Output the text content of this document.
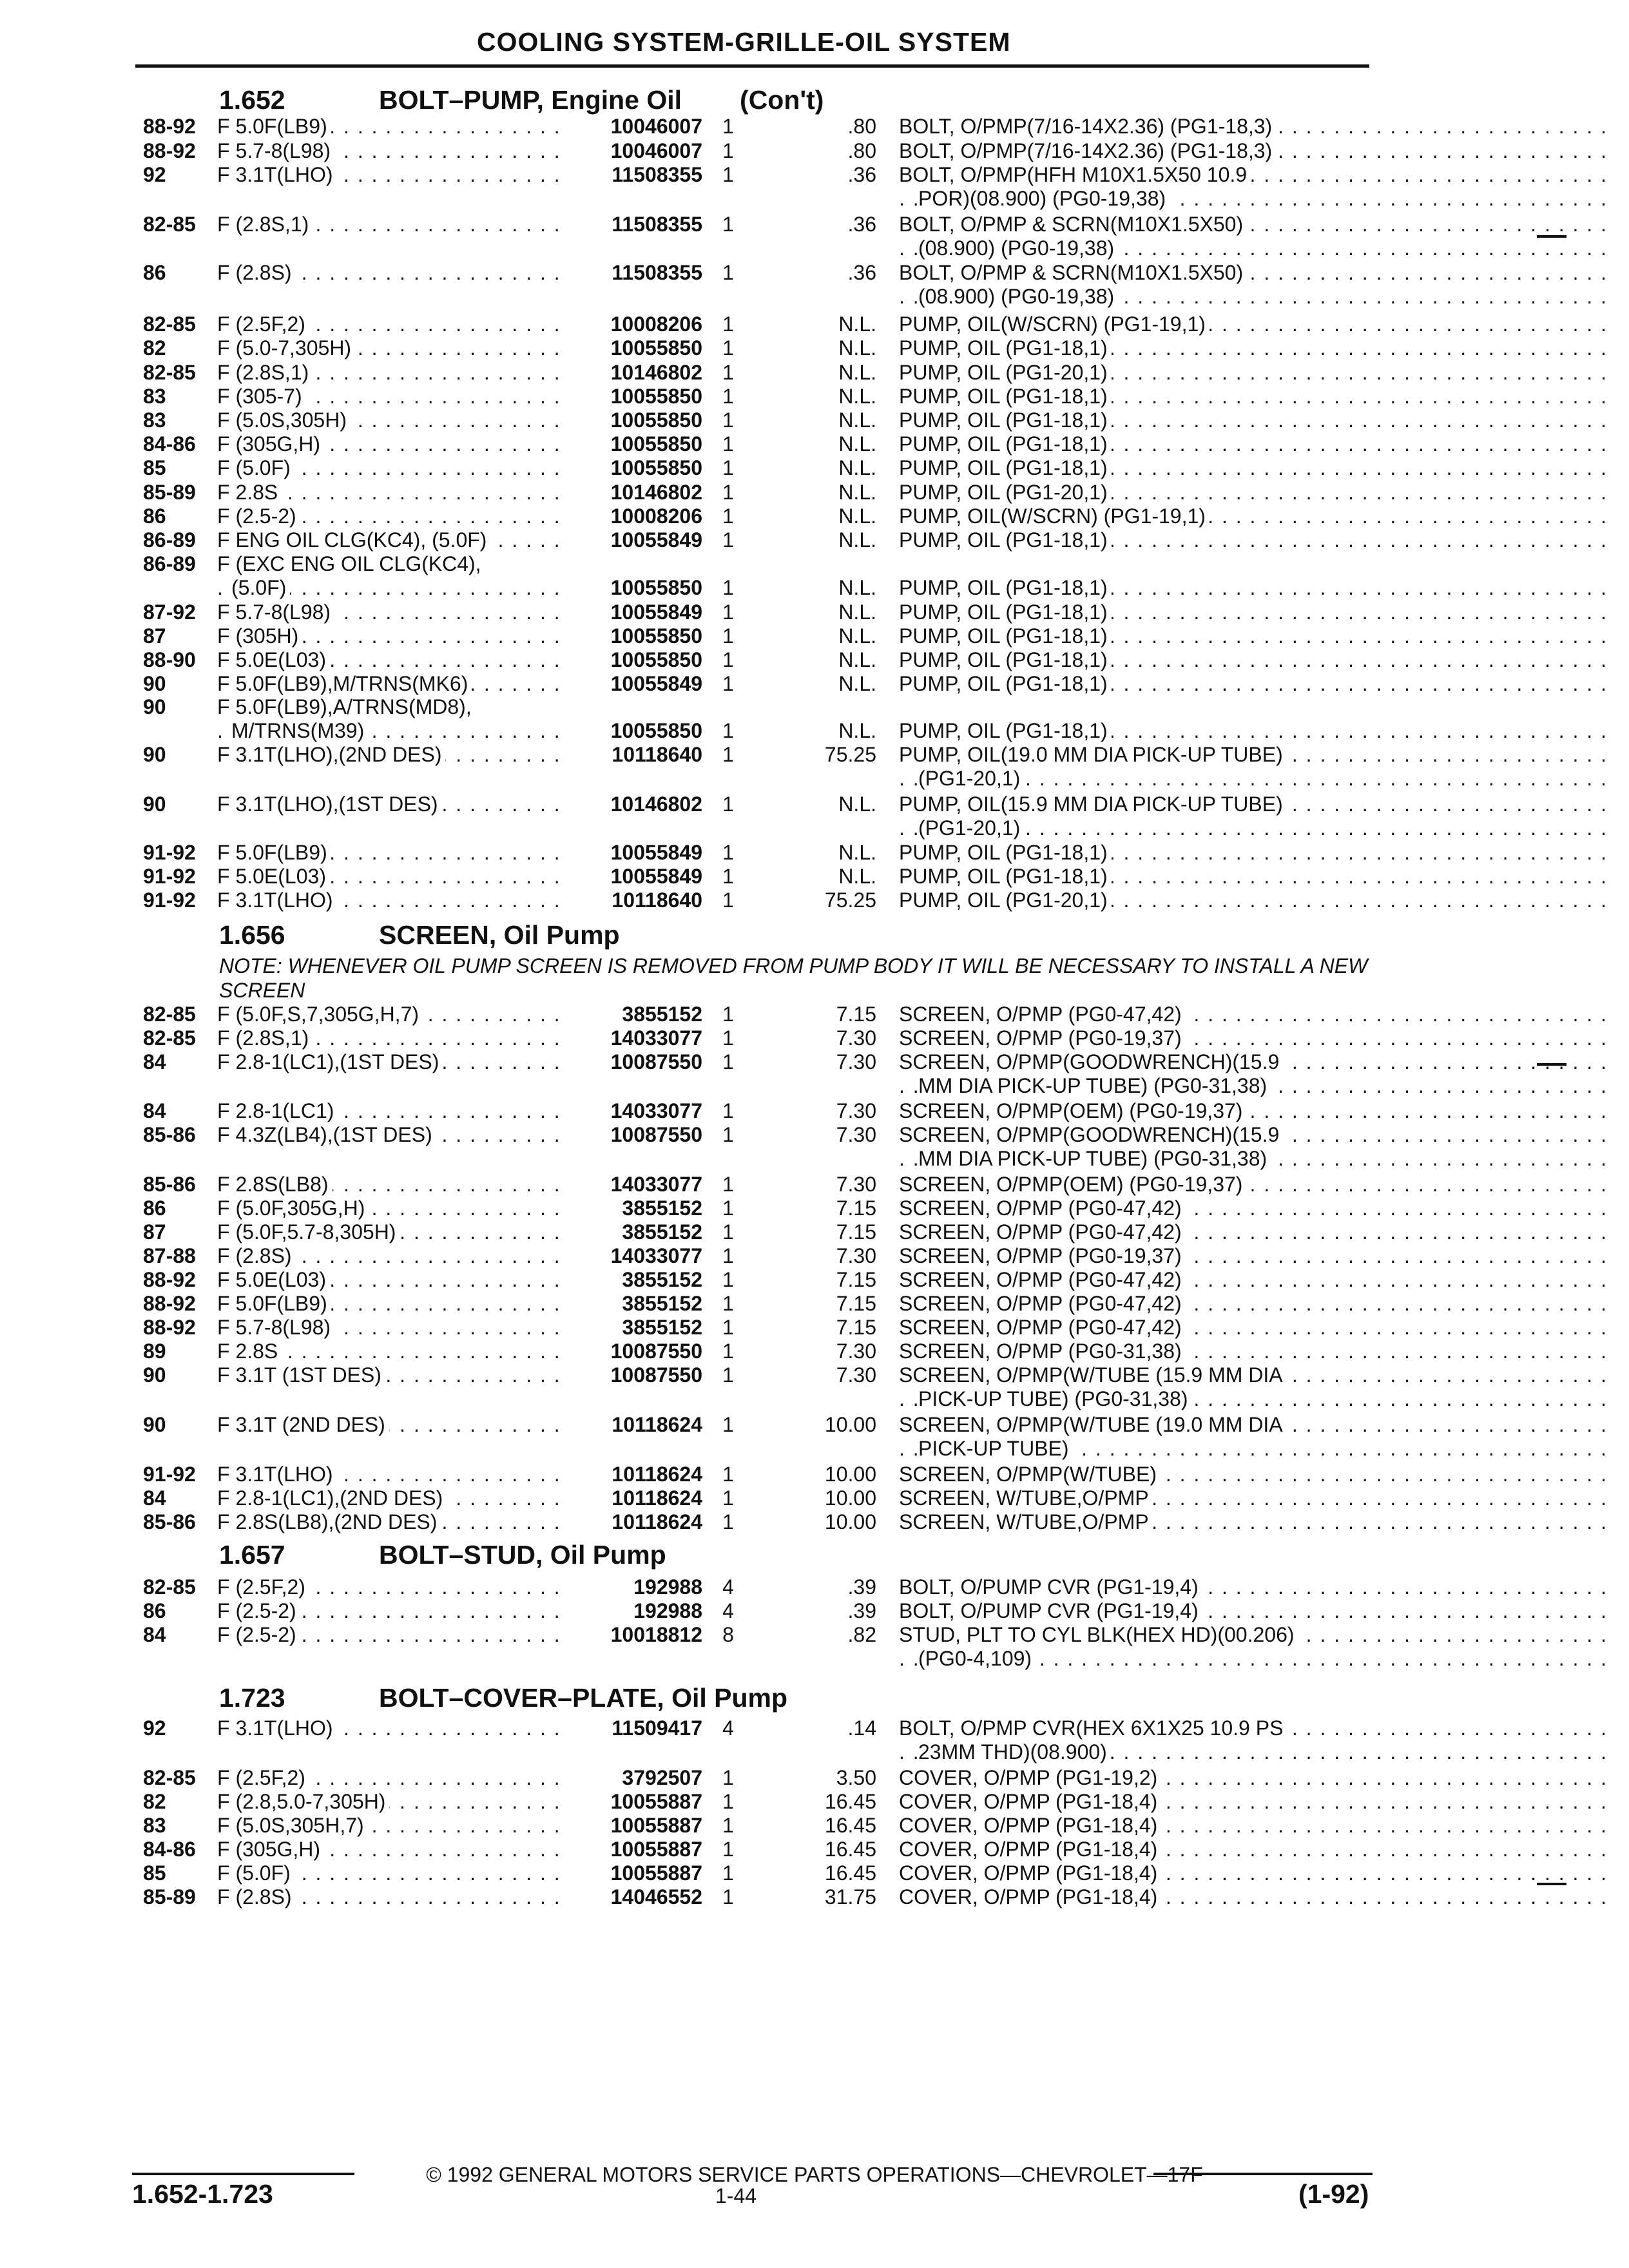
COOLING SYSTEM-GRILLE-OIL SYSTEM
1.652	BOLT–PUMP, Engine Oil (Con't)
1.656	SCREEN, Oil Pump
NOTE: WHENEVER OIL PUMP SCREEN IS REMOVED FROM PUMP BODY IT WILL BE NECESSARY TO INSTALL A NEW SCREEN
1.657	BOLT–STUD, Oil Pump
1.723	BOLT–COVER–PLATE, Oil Pump
88-92 F 5.0F(LB9) . . .	10046007 1	.80 BOLT, O/PMP(7/16-14X2.36) (PG1-18,3) . . .
88-92 F 5.7-8(L98) . . .	10046007 1	.80 BOLT, O/PMP(7/16-14X2.36) (PG1-18,3) . . .
92 F 3.1T(LHO) . . .	11508355 1	.36 BOLT, O/PMP(HFH M10X1.5X50 10.9 . . .
POR)(08.900) (PG0-19,38) . . .
82-85 F (2.8S,1) . . .	11508355 1	.36 BOLT, O/PMP & SCRN(M10X1.5X50) . . .
(08.900) (PG0-19,38) . . .
86 F (2.8S) . . .	11508355 1	.36 BOLT, O/PMP & SCRN(M10X1.5X50) . . .
(08.900) (PG0-19,38) . . .
82-85 F (2.5F,2) . . .	10008206 1	N.L. PUMP, OIL(W/SCRN) (PG1-19,1) . . .
82 F (5.0-7,305H) . . .	10055850 1	N.L. PUMP, OIL (PG1-18,1) . . .
82-85 F (2.8S,1) . . .	10146802 1	N.L. PUMP, OIL (PG1-20,1) . . .
83 F (305-7) . . .	10055850 1	N.L. PUMP, OIL (PG1-18,1) . . .
83 F (5.0S,305H) . . .	10055850 1	N.L. PUMP, OIL (PG1-18,1) . . .
84-86 F (305G,H) . . .	10055850 1	N.L. PUMP, OIL (PG1-18,1) . . .
85 F (5.0F) . . .	10055850 1	N.L. PUMP, OIL (PG1-18,1) . . .
85-89 F 2.8S . . .	10146802 1	N.L. PUMP, OIL (PG1-20,1) . . .
86 F (2.5-2) . . .	10008206 1	N.L. PUMP, OIL(W/SCRN) (PG1-19,1) . . .
86-89 F ENG OIL CLG(KC4), (5.0F) . . .	10055849 1	N.L. PUMP, OIL (PG1-18,1) . . .
86-89 F (EXC ENG OIL CLG(KC4),
(5.0F) . . .	10055850 1	N.L. PUMP, OIL (PG1-18,1) . . .
87-92 F 5.7-8(L98) . . .	10055849 1	N.L. PUMP, OIL (PG1-18,1) . . .
87 F (305H) . . .	10055850 1	N.L. PUMP, OIL (PG1-18,1) . . .
88-90 F 5.0E(L03) . . .	10055850 1	N.L. PUMP, OIL (PG1-18,1) . . .
90 F 5.0F(LB9),M/TRNS(MK6) . . .	10055849 1	N.L. PUMP, OIL (PG1-18,1) . . .
90 F 5.0F(LB9),A/TRNS(MD8),
M/TRNS(M39) . . .	10055850 1	N.L. PUMP, OIL (PG1-18,1) . . .
90 F 3.1T(LHO),(2ND DES) . . .	10118640 1	75.25 PUMP, OIL(19.0 MM DIA PICK-UP TUBE) . . .
(PG1-20,1) . . .
90 F 3.1T(LHO),(1ST DES) . . .	10146802 1	N.L. PUMP, OIL(15.9 MM DIA PICK-UP TUBE) . . .
(PG1-20,1) . . .
91-92 F 5.0F(LB9) . . .	10055849 1	N.L. PUMP, OIL (PG1-18,1) . . .
91-92 F 5.0E(L03) . . .	10055849 1	N.L. PUMP, OIL (PG1-18,1) . . .
91-92 F 3.1T(LHO) . . .	10118640 1	75.25 PUMP, OIL (PG1-20,1) . . .
82-85 F (5.0F,S,7,305G,H,7) . . .	3855152 1	7.15 SCREEN, O/PMP (PG0-47,42) . . .
82-85 F (2.8S,1) . . .	14033077 1	7.30 SCREEN, O/PMP (PG0-19,37) . . .
84 F 2.8-1(LC1),(1ST DES) . . .	10087550 1	7.30 SCREEN, O/PMP(GOODWRENCH)(15.9 . . .
MM DIA PICK-UP TUBE) (PG0-31,38) . . .
84 F 2.8-1(LC1) . . .	14033077 1	7.30 SCREEN, O/PMP(OEM) (PG0-19,37) . . .
85-86 F 4.3Z(LB4),(1ST DES) . . .	10087550 1	7.30 SCREEN, O/PMP(GOODWRENCH)(15.9 . . .
MM DIA PICK-UP TUBE) (PG0-31,38) . . .
85-86 F 2.8S(LB8) . . .	14033077 1	7.30 SCREEN, O/PMP(OEM) (PG0-19,37) . . .
86 F (5.0F,305G,H) . . .	3855152 1	7.15 SCREEN, O/PMP (PG0-47,42) . . .
87 F (5.0F,5.7-8,305H) . . .	3855152 1	7.15 SCREEN, O/PMP (PG0-47,42) . . .
87-88 F (2.8S) . . .	14033077 1	7.30 SCREEN, O/PMP (PG0-19,37) . . .
88-92 F 5.0E(L03) . . .	3855152 1	7.15 SCREEN, O/PMP (PG0-47,42) . . .
88-92 F 5.0F(LB9) . . .	3855152 1	7.15 SCREEN, O/PMP (PG0-47,42) . . .
88-92 F 5.7-8(L98) . . .	3855152 1	7.15 SCREEN, O/PMP (PG0-47,42) . . .
89 F 2.8S . . .	10087550 1	7.30 SCREEN, O/PMP (PG0-31,38) . . .
90 F 3.1T (1ST DES) . . .	10087550 1	7.30 SCREEN, O/PMP(W/TUBE (15.9 MM DIA . . .
PICK-UP TUBE) (PG0-31,38) . . .
90 F 3.1T (2ND DES) . . .	10118624 1	10.00 SCREEN, O/PMP(W/TUBE (19.0 MM DIA . . .
PICK-UP TUBE) . . .
91-92 F 3.1T(LHO) . . .	10118624 1	10.00 SCREEN, O/PMP(W/TUBE) . . .
84 F 2.8-1(LC1),(2ND DES) . . .	10118624 1	10.00 SCREEN, W/TUBE,O/PMP . . .
85-86 F 2.8S(LB8),(2ND DES) . . .	10118624 1	10.00 SCREEN, W/TUBE,O/PMP . . .
82-85 F (2.5F,2) . . .	192988 4	.39 BOLT, O/PUMP CVR (PG1-19,4) . . .
86 F (2.5-2) . . .	192988 4	.39 BOLT, O/PUMP CVR (PG1-19,4) . . .
84 F (2.5-2) . . .	10018812 8	.82 STUD, PLT TO CYL BLK(HEX HD)(00.206) . . .
(PG0-4,109) . . .
92 F 3.1T(LHO) . . .	11509417 4	.14 BOLT, O/PMP CVR(HEX 6X1X25 10.9 PS . . .
23MM THD)(08.900) . . .
82-85 F (2.5F,2) . . .	3792507 1	3.50 COVER, O/PMP (PG1-19,2) . . .
82 F (2.8,5.0-7,305H) . . .	10055887 1	16.45 COVER, O/PMP (PG1-18,4) . . .
83 F (5.0S,305H,7) . . .	10055887 1	16.45 COVER, O/PMP (PG1-18,4) . . .
84-86 F (305G,H) . . .	10055887 1	16.45 COVER, O/PMP (PG1-18,4) . . .
85 F (5.0F) . . .	10055887 1	16.45 COVER, O/PMP (PG1-18,4) . . .
85-89 F (2.8S) . . .	14046552 1	31.75 COVER, O/PMP (PG1-18,4) . . .
© 1992 GENERAL MOTORS SERVICE PARTS OPERATIONS—CHEVROLET—17F
1.652-1.723	1-44	(1-92)
